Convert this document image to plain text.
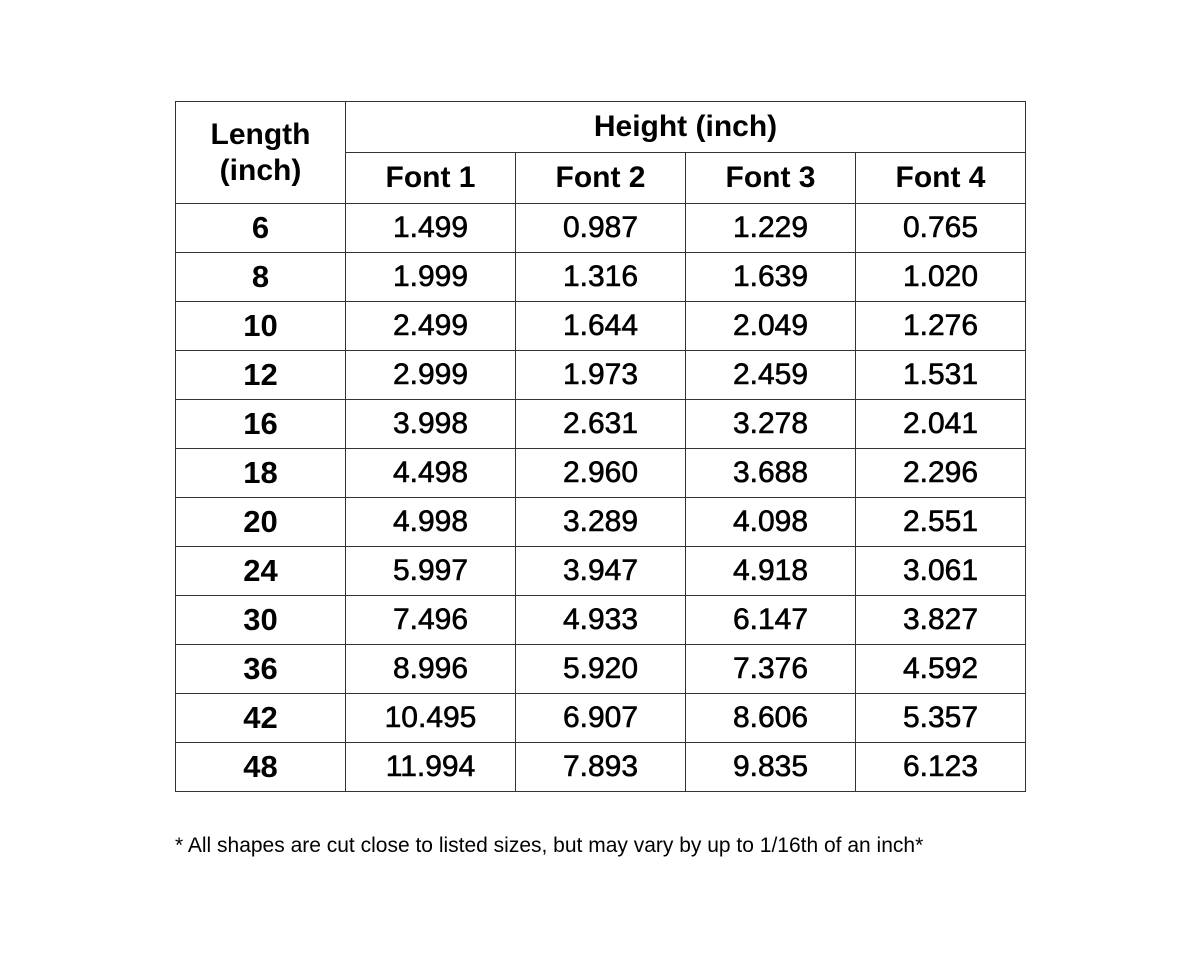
Length
(inch)	Height (inch)			
	Font 1	Font 2	Font 3	Font 4
6	1.499	0.987	1.229	0.765
8	1.999	1.316	1.639	1.020
10	2.499	1.644	2.049	1.276
12	2.999	1.973	2.459	1.531
16	3.998	2.631	3.278	2.041
18	4.498	2.960	3.688	2.296
20	4.998	3.289	4.098	2.551
24	5.997	3.947	4.918	3.061
30	7.496	4.933	6.147	3.827
36	8.996	5.920	7.376	4.592
42	10.495	6.907	8.606	5.357
48	11.994	7.893	9.835	6.123
* All shapes are cut close to listed sizes, but may vary by up to 1/16th of an inch*
